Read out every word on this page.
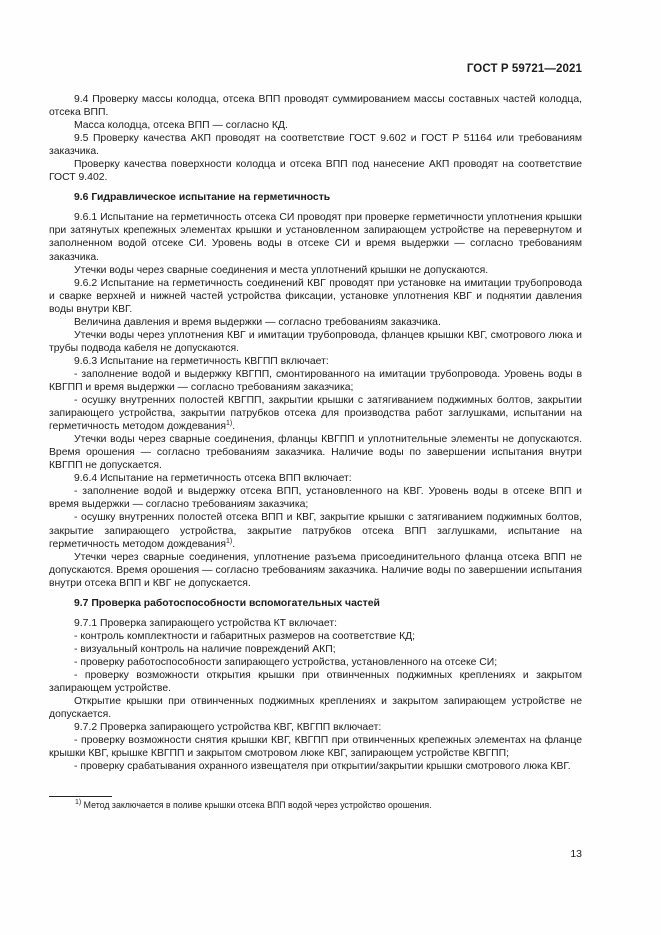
ГОСТ Р 59721—2021

9.4 Проверку массы колодца, отсека ВПП проводят суммированием массы составных частей колодца, отсека ВПП.

Масса колодца, отсека ВПП — согласно КД.

9.5 Проверку качества АКП проводят на соответствие ГОСТ 9.602 и ГОСТ Р 51164 или требованиям заказчика.

Проверку качества поверхности колодца и отсека ВПП под нанесение АКП проводят на соответствие ГОСТ 9.402.

9.6 Гидравлическое испытание на герметичность

9.6.1 Испытание на герметичность отсека СИ проводят при проверке герметичности уплотнения крышки при затянутых крепежных элементах крышки и установленном запирающем устройстве на перевернутом и заполненном водой отсеке СИ. Уровень воды в отсеке СИ и время выдержки — согласно требованиям заказчика.

Утечки воды через сварные соединения и места уплотнений крышки не допускаются.

9.6.2 Испытание на герметичность соединений КВГ проводят при установке на имитации трубопровода и сварке верхней и нижней частей устройства фиксации, установке уплотнения КВГ и поднятии давления воды внутри КВГ.

Величина давления и время выдержки — согласно требованиям заказчика.

Утечки воды через уплотнения КВГ и имитации трубопровода, фланцев крышки КВГ, смотрового люка и трубы подвода кабеля не допускаются.

9.6.3 Испытание на герметичность КВГПП включает:

- заполнение водой и выдержку КВГПП, смонтированного на имитации трубопровода. Уровень воды в КВГПП и время выдержки — согласно требованиям заказчика;

- осушку внутренних полостей КВГПП, закрытии крышки с затягиванием поджимных болтов, закрытии запирающего устройства, закрытии патрубков отсека для производства работ заглушками, испытании на герметичность методом дождевания$^{1)}$.

Утечки воды через сварные соединения, фланцы КВГПП и уплотнительные элементы не допускаются. Время орошения — согласно требованиям заказчика. Наличие воды по завершении испытания внутри КВГПП не допускается.

9.6.4 Испытание на герметичность отсека ВПП включает:

- заполнение водой и выдержку отсека ВПП, установленного на КВГ. Уровень воды в отсеке ВПП и время выдержки — согласно требованиям заказчика;

- осушку внутренних полостей отсека ВПП и КВГ, закрытие крышки с затягиванием поджимных болтов, закрытие запирающего устройства, закрытие патрубков отсека ВПП заглушками, испытание на герметичность методом дождевания$^{1)}$.

Утечки через сварные соединения, уплотнение разъема присоединительного фланца отсека ВПП не допускаются. Время орошения — согласно требованиям заказчика. Наличие воды по завершении испытания внутри отсека ВПП и КВГ не допускается.

9.7 Проверка работоспособности вспомогательных частей

9.7.1 Проверка запирающего устройства КТ включает:

- контроль комплектности и габаритных размеров на соответствие КД;

- визуальный контроль на наличие повреждений АКП;

- проверку работоспособности запирающего устройства, установленного на отсеке СИ;

- проверку возможности открытия крышки при отвинченных поджимных креплениях и закрытом запирающем устройстве.

Открытие крышки при отвинченных поджимных креплениях и закрытом запирающем устройстве не допускается.

9.7.2 Проверка запирающего устройства КВГ, КВГПП включает:

- проверку возможности снятия крышки КВГ, КВГПП при отвинченных крепежных элементах на фланце крышки КВГ, крышке КВГПП и закрытом смотровом люке КВГ, запирающем устройстве КВГПП;

- проверку срабатывания охранного извещателя при открытии/закрытии крышки смотрового люка КВГ.

$^{1)}$ Метод заключается в поливе крышки отсека ВПП водой через устройство орошения.
13
